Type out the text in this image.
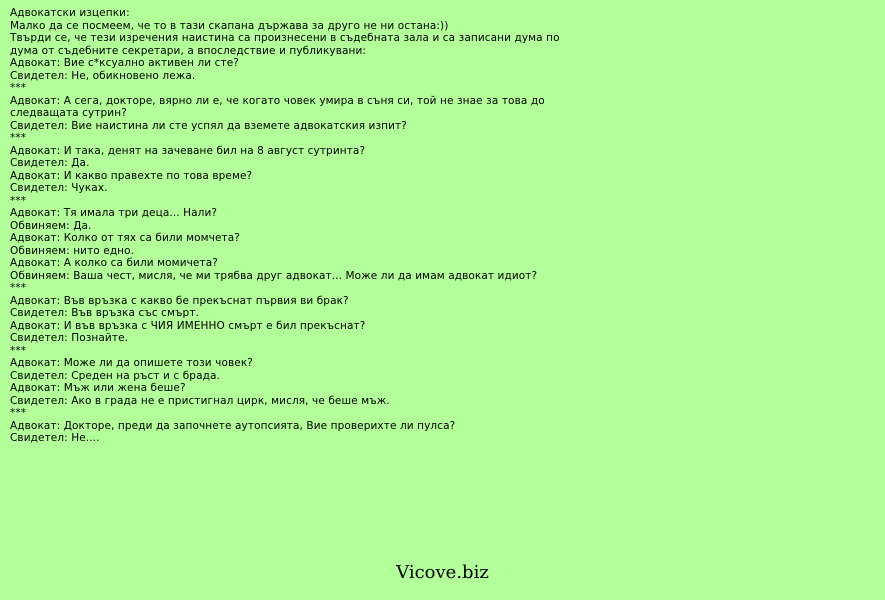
Адвокатски изцепки:
Малко да се посмеем, че то в тази скапана държава за друго не ни остана:))
Твърди се, че тези изречения наистина са произнесени в съдебната зала и са записани дума по дума от съдебните секретари, а впоследствие и публикувани:
Адвокат: Вие с*ксуално активен ли сте?
Свидетел: Не, обикновено лежа.
***
Адвокат: А сега, докторе, вярно ли е, че когато човек умира в съня си, той не знае за това до следващата сутрин?
Свидетел: Вие наистина ли сте успял да вземете адвокатския изпит?
***
Адвокат: И така, денят на зачеване бил на 8 август сутринта?
Свидетел: Да.
Адвокат: И какво правехте по това време?
Свидетел: Чуках.
***
Адвокат: Тя имала три деца... Нали?
Обвиняем: Да.
Адвокат: Колко от тях са били момчета?
Обвиняем: нито едно.
Адвокат: А колко са били момичета?
Обвиняем: Ваша чест, мисля, че ми трябва друг адвокат... Може ли да имам адвокат идиот?
***
Адвокат: Във връзка с какво бе прекъснат първия ви брак?
Свидетел: Във връзка със смърт.
Адвокат: И във връзка с ЧИЯ ИМЕННО смърт е бил прекъснат?
Свидетел: Познайте.
***
Адвокат: Може ли да опишете този човек?
Свидетел: Среден на ръст и с брада.
Адвокат: Мъж или жена беше?
Свидетел: Ако в града не е пристигнал цирк, мисля, че беше мъж.
***
Адвокат: Докторе, преди да започнете аутопсията, Вие проверихте ли пулса?
Свидетел: Не....
Vicove.biz
